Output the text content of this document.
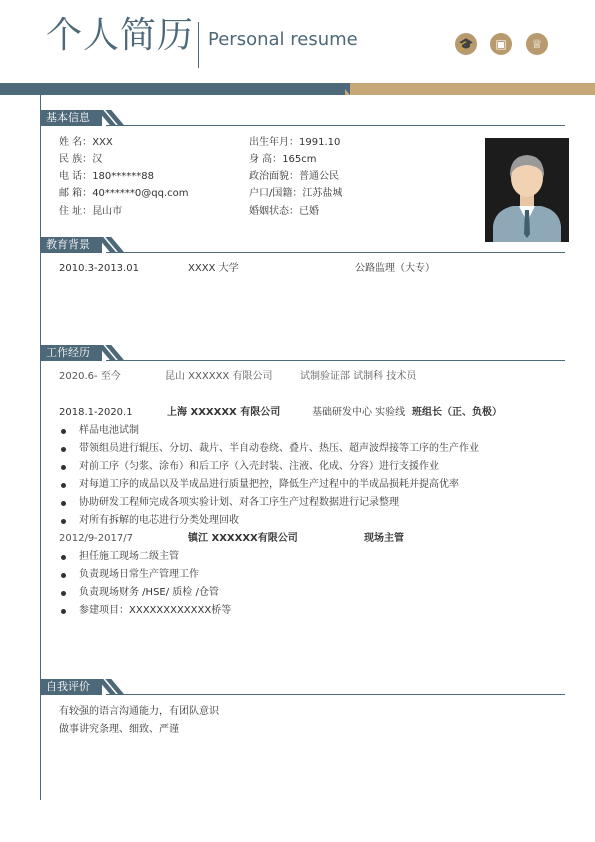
个人简历 Personal resume	🎓	▣	♕
基本信息
姓 名：XXX
民 族：汉
电 话：180******88
邮 箱：40******0@qq.com
住 址：昆山市
出生年月：1991.10
身 高：165cm
政治面貌：普通公民
户口/国籍：江苏盐城
婚姻状态：已婚
教育背景
2010.3-2013.01	XXXX 大学	公路监理（大专）
工作经历
2020.6- 至今	昆山 XXXXXX 有限公司	试制验证部 试制科 技术员
2018.1-2020.1	上海 XXXXXX 有限公司	基础研发中心 实验线 班组长（正、负极）
样品电池试制
带领组员进行辊压、分切、裁片、半自动卷绕、叠片、热压、超声波焊接等工序的生产作业
对前工序（匀浆、涂布）和后工序（入壳封装、注液、化成、分容）进行支援作业
对每道工序的成品以及半成品进行质量把控，降低生产过程中的半成品损耗并提高优率
协助研发工程师完成各项实验计划、对各工序生产过程数据进行记录整理
对所有拆解的电芯进行分类处理回收
2012/9-2017/7	镇江 XXXXXX有限公司	现场主管
担任施工现场二级主管
负责现场日常生产管理工作
负责现场财务 /HSE/ 质检 /仓管
参建项目：XXXXXXXXXXXX桥等
自我评价
有较强的语言沟通能力，有团队意识
做事讲究条理、细致、严谨
